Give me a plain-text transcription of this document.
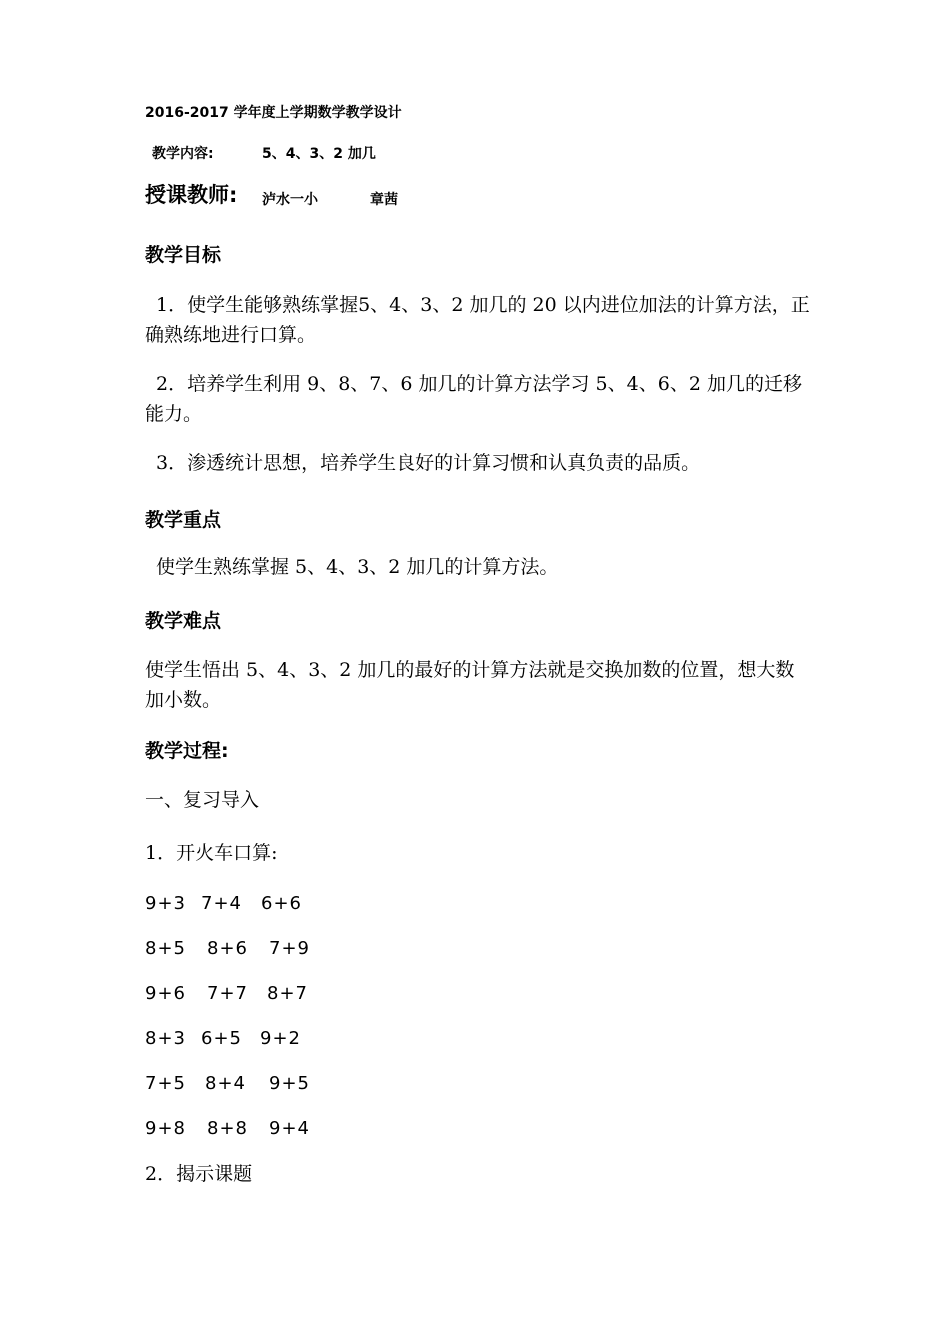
2016-2017 学年度上学期数学教学设计
教学内容:	5、4、3、2 加几
授课教师: 泸水一小	章茜
教学目标
1．使学生能够熟练掌握5、4、3、2 加几的 20 以内进位加法的计算方法，正确熟练地进行口算。
2．培养学生利用 9、8、7、6 加几的计算方法学习 5、4、6、2 加几的迁移能力。
3．渗透统计思想，培养学生良好的计算习惯和认真负责的品质。
教学重点
使学生熟练掌握 5、4、3、2 加几的计算方法。
教学难点
使学生悟出 5、4、3、2 加几的最好的计算方法就是交换加数的位置，想大数加小数。
教学过程:
一、复习导入
1．开火车口算:
9+3 7+4 6+6
8+5 8+6 7+9
9+6 7+7 8+7
8+3 6+5 9+2
7+5 8+4 9+5
9+8 8+8 9+4
2．揭示课题
